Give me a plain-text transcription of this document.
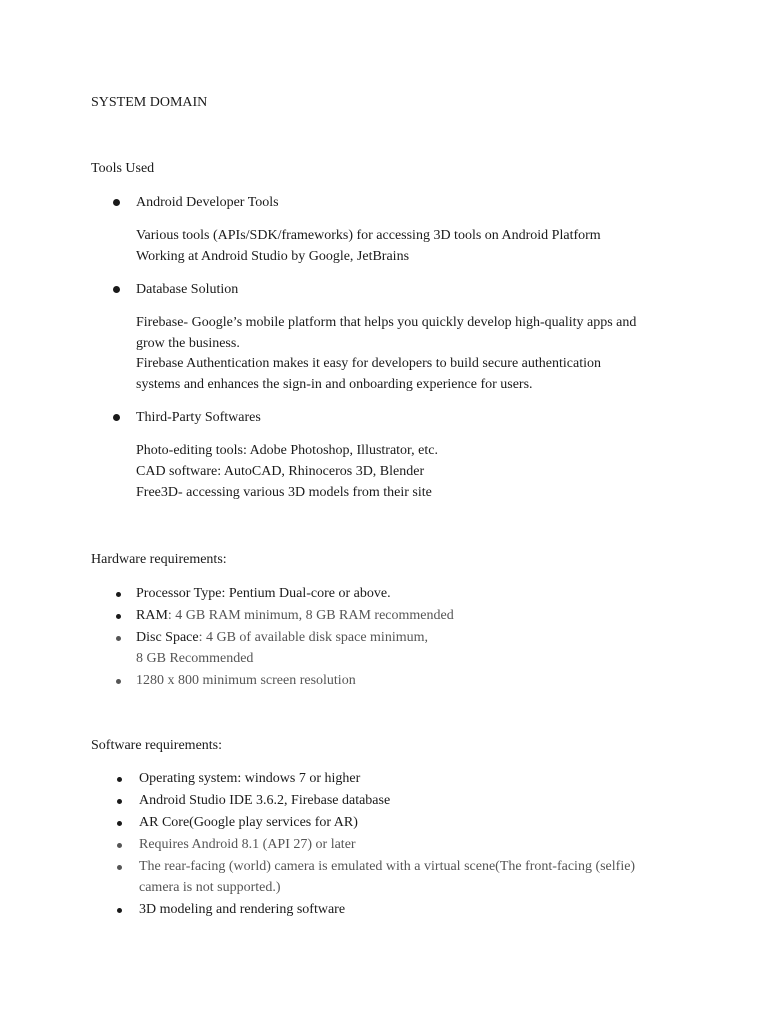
SYSTEM DOMAIN
Tools Used
Android Developer Tools
Various tools (APIs/SDK/frameworks) for accessing 3D tools on Android Platform
Working at Android Studio by Google, JetBrains
Database Solution
Firebase- Google’s mobile platform that helps you quickly develop high-quality apps and
grow the business.
Firebase Authentication makes it easy for developers to build secure authentication
systems and enhances the sign-in and onboarding experience for users.
Third-Party Softwares
Photo-editing tools: Adobe Photoshop, Illustrator, etc.
CAD software: AutoCAD, Rhinoceros 3D, Blender
Free3D- accessing various 3D models from their site
Hardware requirements:
Processor Type: Pentium Dual-core or above.
RAM: 4 GB RAM minimum, 8 GB RAM recommended
Disc Space: 4 GB of available disk space minimum,
8 GB Recommended
1280 x 800 minimum screen resolution
Software requirements:
Operating system: windows 7 or higher
Android Studio IDE 3.6.2, Firebase database
AR Core(Google play services for AR)
Requires Android 8.1 (API 27) or later
The rear-facing (world) camera is emulated with a virtual scene(The front-facing (selfie)
camera is not supported.)
3D modeling and rendering software
